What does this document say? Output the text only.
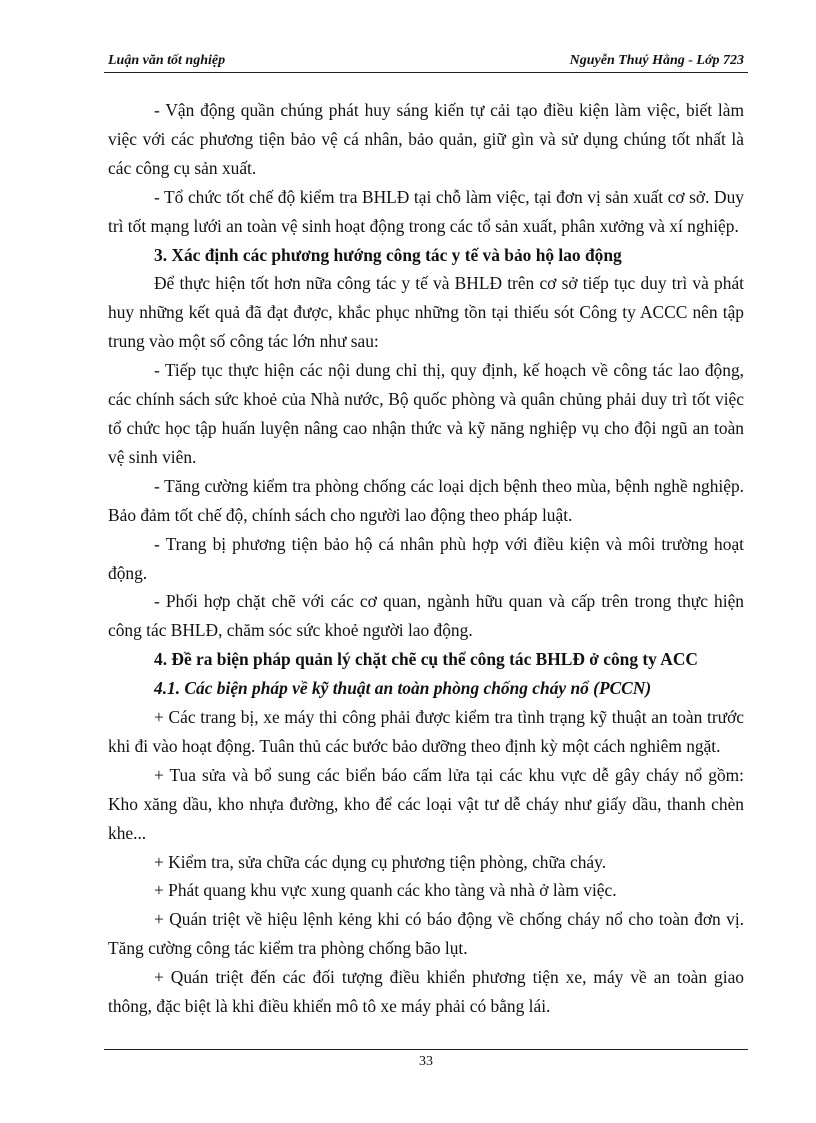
Luận văn tốt nghiệp	Nguyễn Thuý Hằng - Lớp 723

- Vận động quần chúng phát huy sáng kiến tự cải tạo điều kiện làm việc, biết làm việc với các phương tiện bảo vệ cá nhân, bảo quản, giữ gìn và sử dụng chúng tốt nhất là các công cụ sản xuất.

- Tổ chức tốt chế độ kiểm tra BHLĐ tại chỗ làm việc, tại đơn vị sản xuất cơ sở. Duy trì tốt mạng lưới an toàn vệ sinh hoạt động trong các tổ sản xuất, phân xưởng và xí nghiệp.

3. Xác định các phương hướng công tác y tế và bảo hộ lao động

Để thực hiện tốt hơn nữa công tác y tế và BHLĐ trên cơ sở tiếp tục duy trì và phát huy những kết quả đã đạt được, khắc phục những tồn tại thiếu sót Công ty ACCC nên tập trung vào một số công tác lớn như sau:

- Tiếp tục thực hiện các nội dung chỉ thị, quy định, kế hoạch về công tác lao động, các chính sách sức khoẻ của Nhà nước, Bộ quốc phòng và quân chủng phải duy trì tốt việc tổ chức học tập huấn luyện nâng cao nhận thức và kỹ năng nghiệp vụ cho đội ngũ an toàn vệ sinh viên.

- Tăng cường kiểm tra phòng chống các loại dịch bệnh theo mùa, bệnh nghề nghiệp. Bảo đảm tốt chế độ, chính sách cho người lao động theo pháp luật.

- Trang bị phương tiện bảo hộ cá nhân phù hợp với điều kiện và môi trường hoạt động.

- Phối hợp chặt chẽ với các cơ quan, ngành hữu quan và cấp trên trong thực hiện công tác BHLĐ, chăm sóc sức khoẻ người lao động.

4. Đề ra biện pháp quản lý chặt chẽ cụ thể công tác BHLĐ ở công ty ACC

4.1. Các biện pháp về kỹ thuật an toàn phòng chống cháy nổ (PCCN)

+ Các trang bị, xe máy thi công phải được kiểm tra tình trạng kỹ thuật an toàn trước khi đi vào hoạt động. Tuân thủ các bước bảo dưỡng theo định kỳ một cách nghiêm ngặt.

+ Tua sửa và bổ sung các biển báo cấm lửa tại các khu vực dễ gây cháy nổ gồm: Kho xăng dầu, kho nhựa đường, kho để các loại vật tư dễ cháy như giấy dầu, thanh chèn khe...

+ Kiểm tra, sửa chữa các dụng cụ phương tiện phòng, chữa cháy.

+ Phát quang khu vực xung quanh các kho tàng và nhà ở làm việc.

+ Quán triệt về hiệu lệnh kẻng khi có báo động về chống cháy nổ cho toàn đơn vị. Tăng cường công tác kiểm tra phòng chống bão lụt.

+ Quán triệt đến các đối tượng điều khiển phương tiện xe, máy về an toàn giao thông, đặc biệt là khi điều khiển mô tô xe máy phải có bằng lái.

33
